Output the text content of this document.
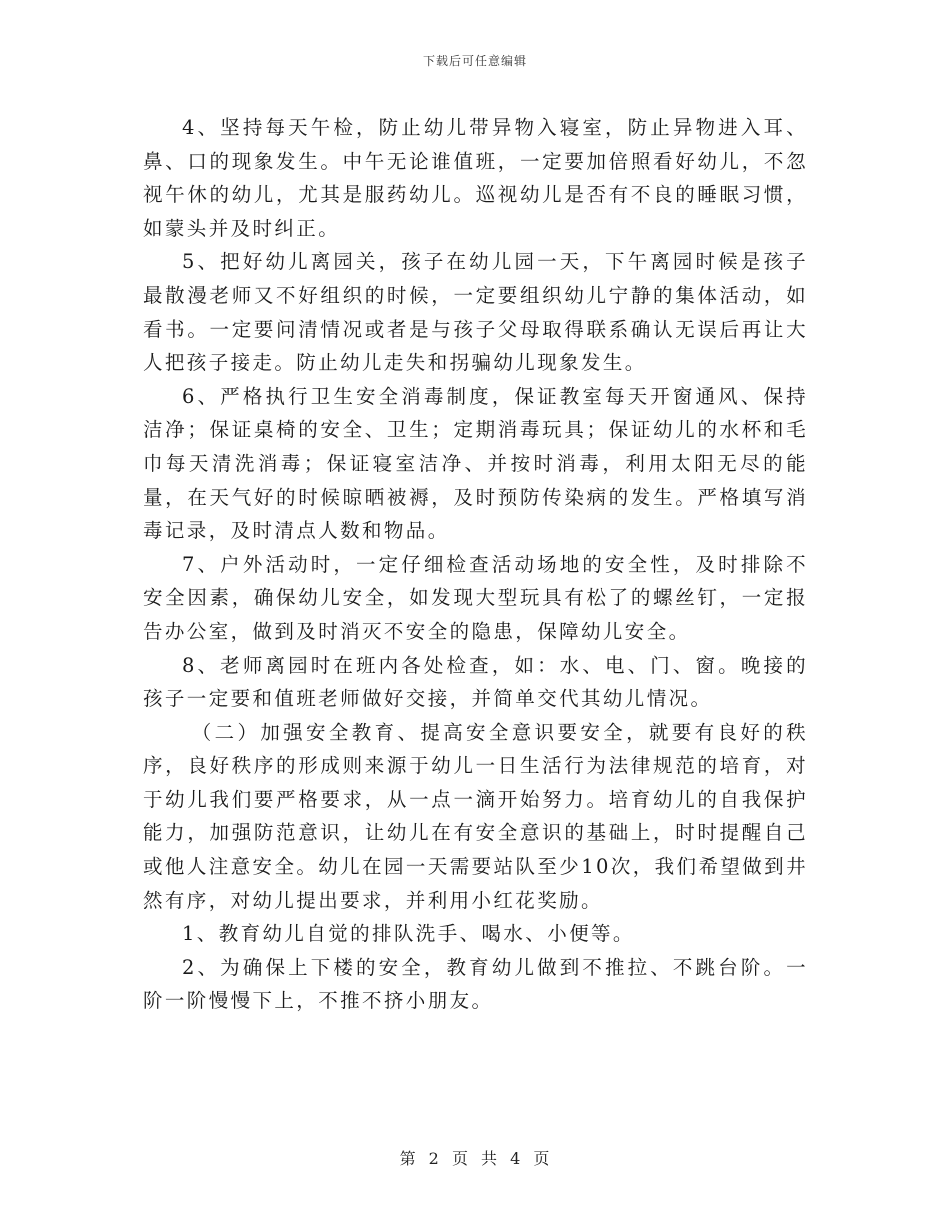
下载后可任意编辑

4、坚持每天午检，防止幼儿带异物入寝室，防止异物进入耳、鼻、口的现象发生。中午无论谁值班，一定要加倍照看好幼儿，不忽视午休的幼儿，尤其是服药幼儿。巡视幼儿是否有不良的睡眠习惯，如蒙头并及时纠正。

5、把好幼儿离园关，孩子在幼儿园一天，下午离园时候是孩子最散漫老师又不好组织的时候，一定要组织幼儿宁静的集体活动，如看书。一定要问清情况或者是与孩子父母取得联系确认无误后再让大人把孩子接走。防止幼儿走失和拐骗幼儿现象发生。

6、严格执行卫生安全消毒制度，保证教室每天开窗通风、保持洁净；保证桌椅的安全、卫生；定期消毒玩具；保证幼儿的水杯和毛巾每天清洗消毒；保证寝室洁净、并按时消毒，利用太阳无尽的能量，在天气好的时候晾晒被褥，及时预防传染病的发生。严格填写消毒记录，及时清点人数和物品。

7、户外活动时，一定仔细检查活动场地的安全性，及时排除不安全因素，确保幼儿安全，如发现大型玩具有松了的螺丝钉，一定报告办公室，做到及时消灭不安全的隐患，保障幼儿安全。

8、老师离园时在班内各处检查，如：水、电、门、窗。晚接的孩子一定要和值班老师做好交接，并简单交代其幼儿情况。

（二）加强安全教育、提高安全意识要安全，就要有良好的秩序，良好秩序的形成则来源于幼儿一日生活行为法律规范的培育，对于幼儿我们要严格要求，从一点一滴开始努力。培育幼儿的自我保护能力，加强防范意识，让幼儿在有安全意识的基础上，时时提醒自己或他人注意安全。幼儿在园一天需要站队至少10次，我们希望做到井然有序，对幼儿提出要求，并利用小红花奖励。

1、教育幼儿自觉的排队洗手、喝水、小便等。

2、为确保上下楼的安全，教育幼儿做到不推拉、不跳台阶。一阶一阶慢慢下上，不推不挤小朋友。

第 2 页 共 4 页
